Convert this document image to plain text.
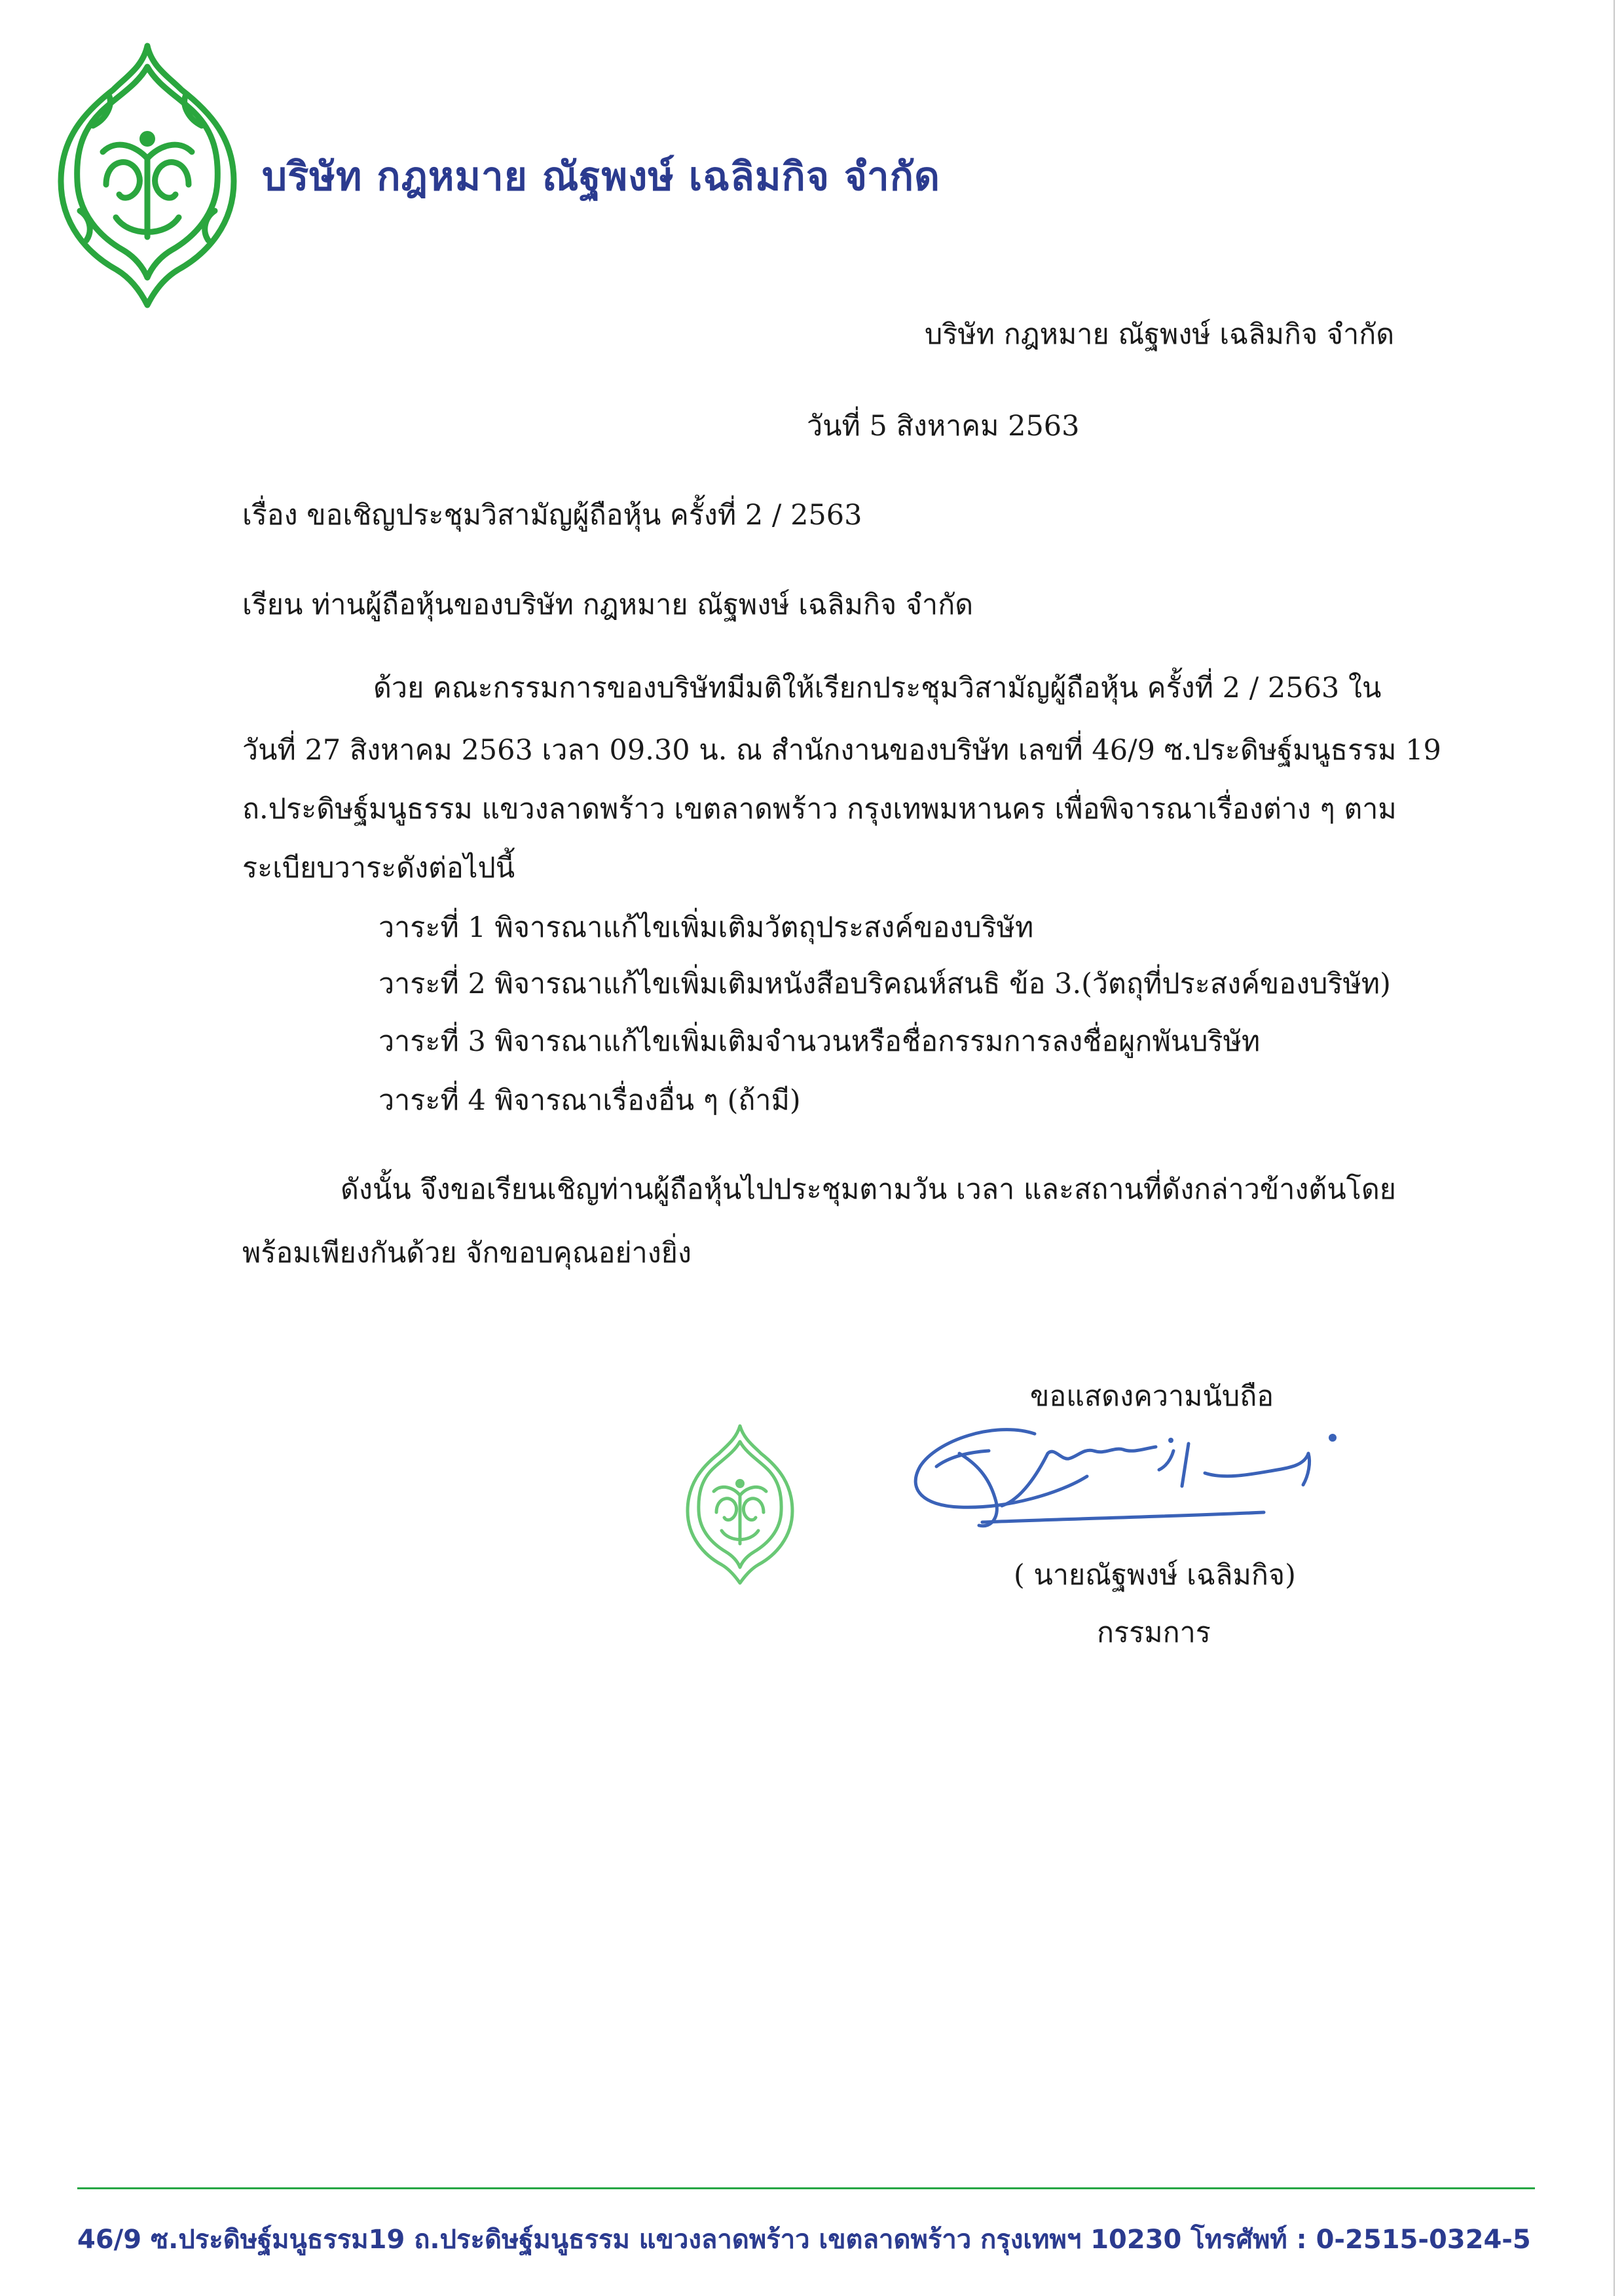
บริษัท กฎหมาย ณัฐพงษ์ เฉลิมกิจ จำกัด
บริษัท กฎหมาย ณัฐพงษ์ เฉลิมกิจ จำกัด
วันที่ 5 สิงหาคม 2563
เรื่อง ขอเชิญประชุมวิสามัญผู้ถือหุ้น ครั้งที่ 2 / 2563
เรียน ท่านผู้ถือหุ้นของบริษัท กฎหมาย ณัฐพงษ์ เฉลิมกิจ จำกัด
ด้วย คณะกรรมการของบริษัทมีมติให้เรียกประชุมวิสามัญผู้ถือหุ้น ครั้งที่ 2 / 2563 ใน
วันที่ 27 สิงหาคม 2563 เวลา 09.30 น. ณ สำนักงานของบริษัท เลขที่ 46/9 ซ.ประดิษฐ์มนูธรรม 19
ถ.ประดิษฐ์มนูธรรม แขวงลาดพร้าว เขตลาดพร้าว กรุงเทพมหานคร เพื่อพิจารณาเรื่องต่าง ๆ ตาม
ระเบียบวาระดังต่อไปนี้
วาระที่ 1 พิจารณาแก้ไขเพิ่มเติมวัตถุประสงค์ของบริษัท
วาระที่ 2 พิจารณาแก้ไขเพิ่มเติมหนังสือบริคณห์สนธิ ข้อ 3.(วัตถุที่ประสงค์ของบริษัท)
วาระที่ 3 พิจารณาแก้ไขเพิ่มเติมจำนวนหรือชื่อกรรมการลงชื่อผูกพันบริษัท
วาระที่ 4 พิจารณาเรื่องอื่น ๆ (ถ้ามี)
ดังนั้น จึงขอเรียนเชิญท่านผู้ถือหุ้นไปประชุมตามวัน เวลา และสถานที่ดังกล่าวข้างต้นโดย
พร้อมเพียงกันด้วย จักขอบคุณอย่างยิ่ง
ขอแสดงความนับถือ
( นายณัฐพงษ์ เฉลิมกิจ)
กรรมการ
46/9 ซ.ประดิษฐ์มนูธรรม19 ถ.ประดิษฐ์มนูธรรม แขวงลาดพร้าว เขตลาดพร้าว กรุงเทพฯ 10230 โทรศัพท์ : 0-2515-0324-5
